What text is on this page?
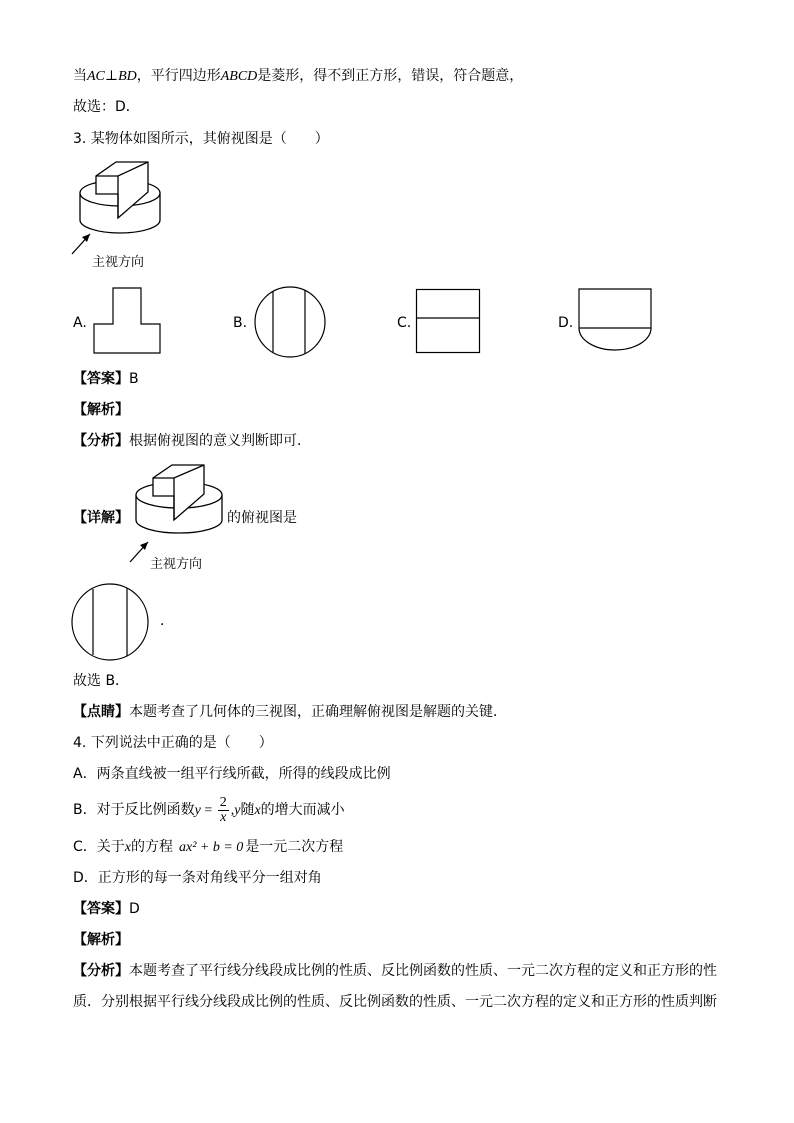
当AC⊥BD，平行四边形ABCD是菱形，得不到正方形，错误，符合题意，
故选：D．
3. 某物体如图所示，其俯视图是（　　）
主视方向
A.	B.	C.	D.
【答案】B
【解析】
【分析】根据俯视图的意义判断即可．
【详解】
主视方向
的俯视图是
．
故选 B．
【点睛】本题考查了几何体的三视图，正确理解俯视图是解题的关键．
4. 下列说法中正确的是（　　）
A．两条直线被一组平行线所截，所得的线段成比例
B．对于反比例函数$y = \frac{2}{x} ,y$随x的增大而减小
C．关于x的方程 ax² + b = 0 是一元二次方程
D．正方形的每一条对角线平分一组对角
【答案】D
【解析】
【分析】本题考查了平行线分线段成比例的性质、反比例函数的性质、一元二次方程的定义和正方形的性
质．分别根据平行线分线段成比例的性质、反比例函数的性质、一元二次方程的定义和正方形的性质判断
